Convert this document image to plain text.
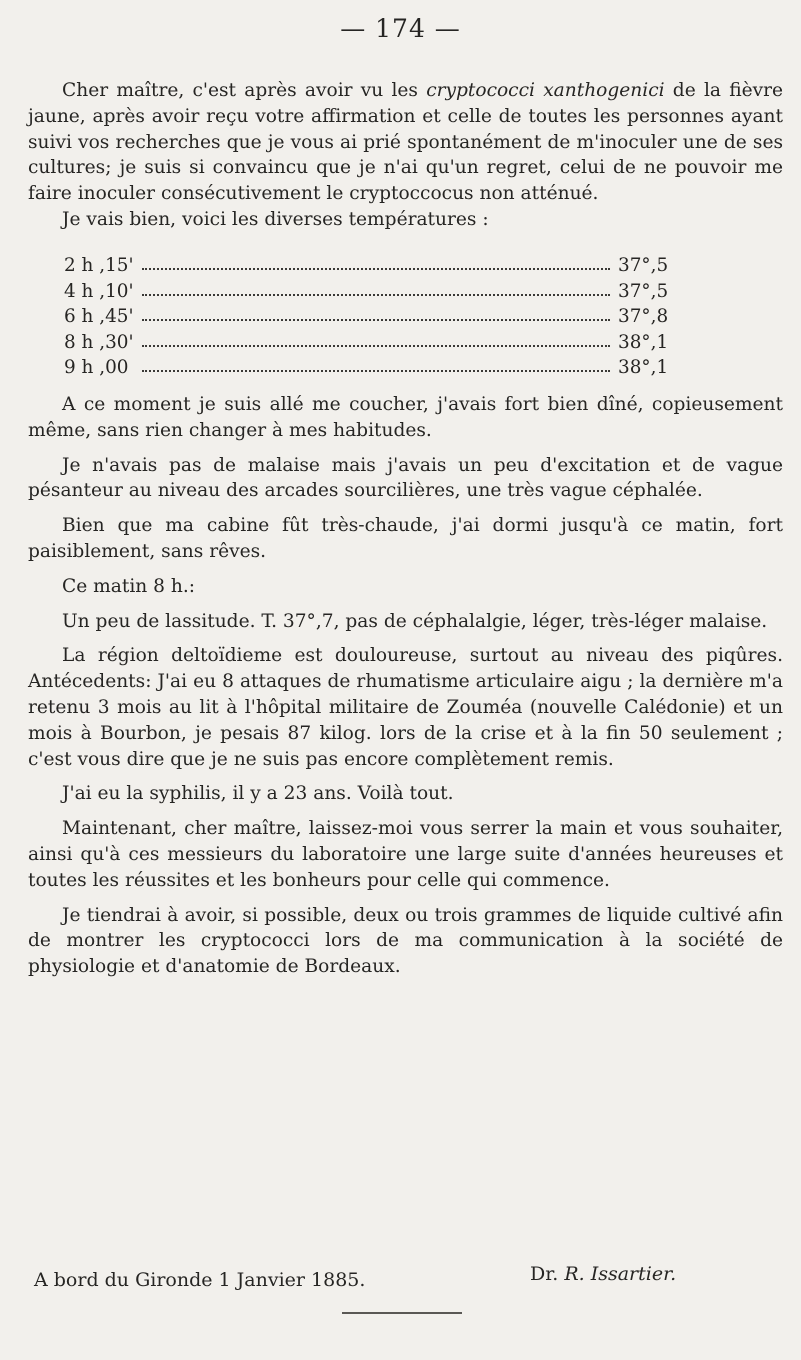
— 174 —

Cher maître, c'est après avoir vu les cryptococci xanthogenici de la fièvre jaune, après avoir reçu votre affirmation et celle de toutes les personnes ayant suivi vos recherches que je vous ai prié spontanément de m'inoculer une de ses cultures; je suis si convaincu que je n'ai qu'un regret, celui de ne pouvoir me faire inoculer consécutivement le cryptoccocus non atténué.

Je vais bien, voici les diverses températures :

2 h ,15'	37°,5
4 h ,10'	37°,5
6 h ,45'	37°,8
8 h ,30'	38°,1
9 h ,00	38°,1

A ce moment je suis allé me coucher, j'avais fort bien dîné, copieusement même, sans rien changer à mes habitudes.

Je n'avais pas de malaise mais j'avais un peu d'excitation et de vague pésanteur au niveau des arcades sourcilières, une très vague céphalée.

Bien que ma cabine fût très-chaude, j'ai dormi jusqu'à ce matin, fort paisiblement, sans rêves.

Ce matin 8 h.:

Un peu de lassitude. T. 37°,7, pas de céphalalgie, léger, très-léger malaise.

La région deltoïdieme est douloureuse, surtout au niveau des piqûres. Antécedents: J'ai eu 8 attaques de rhumatisme articulaire aigu ; la dernière m'a retenu 3 mois au lit à l'hôpital militaire de Zouméa (nouvelle Calédonie) et un mois à Bourbon, je pesais 87 kilog. lors de la crise et à la fin 50 seulement ; c'est vous dire que je ne suis pas encore complètement remis.

J'ai eu la syphilis, il y a 23 ans. Voilà tout.

Maintenant, cher maître, laissez-moi vous serrer la main et vous souhaiter, ainsi qu'à ces messieurs du laboratoire une large suite d'années heureuses et toutes les réussites et les bonheurs pour celle qui commence.

Je tiendrai à avoir, si possible, deux ou trois grammes de liquide cultivé afin de montrer les cryptococci lors de ma communication à la société de physiologie et d'anatomie de Bordeaux.

A bord du Gironde 1 Janvier 1885.	Dr. R. Issartier.
